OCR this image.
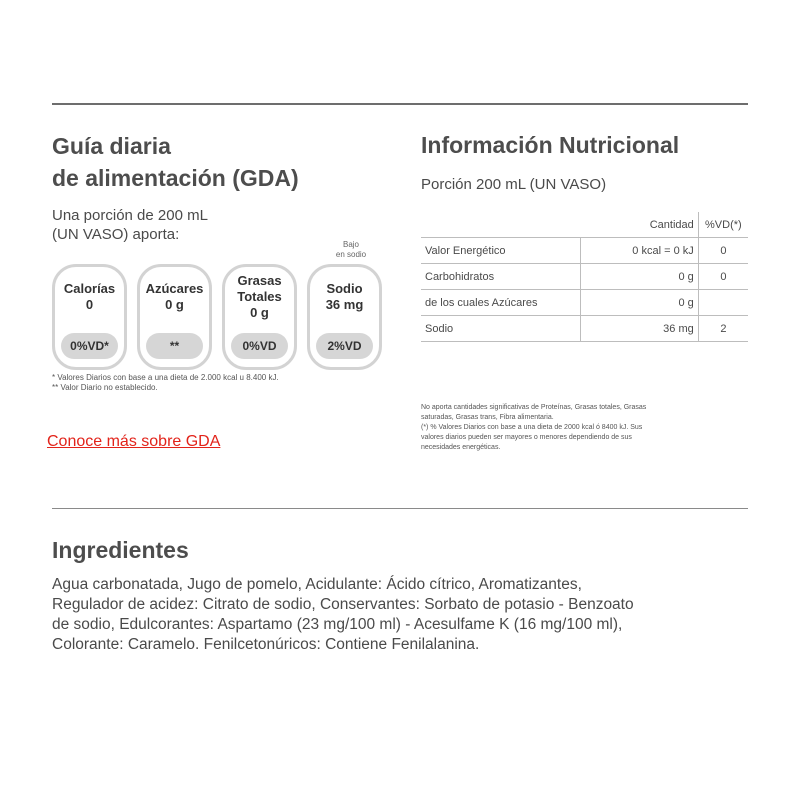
Guía diaria
de alimentación (GDA)
Una porción de 200 mL
(UN VASO) aporta:
Bajo
en sodio
Calorías
0
0%VD*
Azúcares
0 g
**
Grasas
Totales
0 g
0%VD
Sodio
36 mg
2%VD
* Valores Diarios con base a una dieta de 2.000 kcal u 8.400 kJ.
** Valor Diario no establecido.
Conoce más sobre GDA
Información Nutricional
Porción 200 mL (UN VASO)
	Cantidad	%VD(*)
Valor Energético	0 kcal = 0 kJ	0
Carbohidratos	0 g	0
de los cuales Azúcares	0 g	
Sodio	36 mg	2
No aporta cantidades significativas de Proteínas, Grasas totales, Grasas
saturadas, Grasas trans, Fibra alimentaria.
(*) % Valores Diarios con base a una dieta de 2000 kcal ó 8400 kJ. Sus
valores diarios pueden ser mayores o menores dependiendo de sus
necesidades energéticas.
Ingredientes
Agua carbonatada, Jugo de pomelo, Acidulante: Ácido cítrico, Aromatizantes,
Regulador de acidez: Citrato de sodio, Conservantes: Sorbato de potasio - Benzoato
de sodio, Edulcorantes: Aspartamo (23 mg/100 ml) - Acesulfame K (16 mg/100 ml),
Colorante: Caramelo. Fenilcetonúricos: Contiene Fenilalanina.
